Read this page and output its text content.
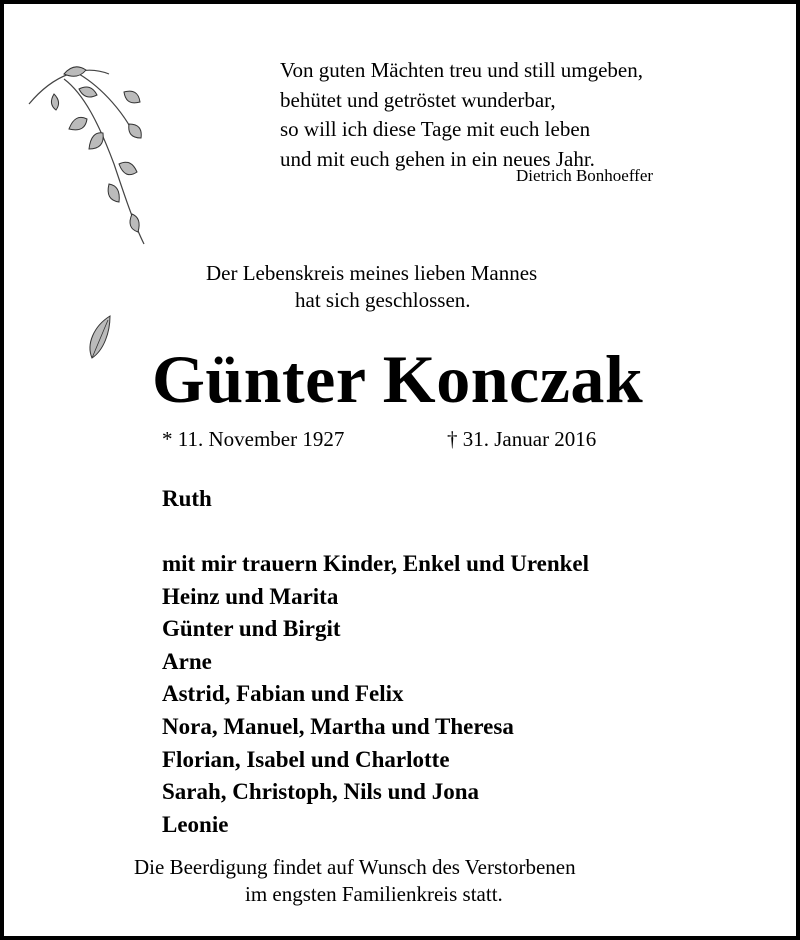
Von guten Mächten treu und still umgeben,
behütet und getröstet wunderbar,
so will ich diese Tage mit euch leben
und mit euch gehen in ein neues Jahr.
Dietrich Bonhoeffer
Der Lebenskreis meines lieben Mannes
hat sich geschlossen.
Günter Konczak
* 11. November 1927	† 31. Januar 2016
Ruth
mit mir trauern Kinder, Enkel und Urenkel
Heinz und Marita
Günter und Birgit
Arne
Astrid, Fabian und Felix
Nora, Manuel, Martha und Theresa
Florian, Isabel und Charlotte
Sarah, Christoph, Nils und Jona
Leonie
Die Beerdigung findet auf Wunsch des Verstorbenen
im engsten Familienkreis statt.
